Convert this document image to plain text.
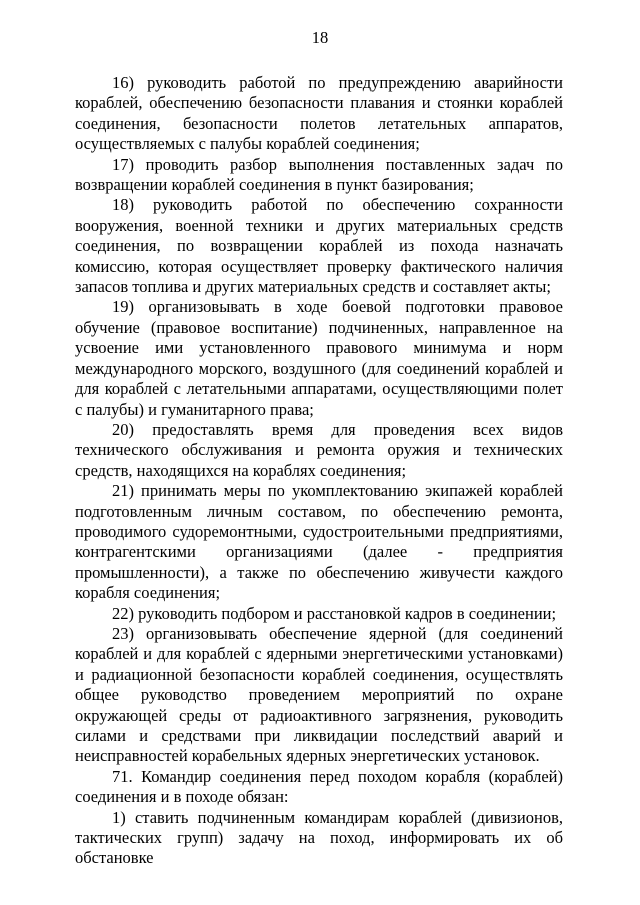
18

16) руководить работой по предупреждению аварийности кораблей, обеспечению безопасности плавания и стоянки кораблей соединения, безопасности полетов летательных аппаратов, осуществляемых с палубы кораблей соединения;

17) проводить разбор выполнения поставленных задач по возвращении кораблей соединения в пункт базирования;

18) руководить работой по обеспечению сохранности вооружения, военной техники и других материальных средств соединения, по возвращении кораблей из похода назначать комиссию, которая осуществляет проверку фактического наличия запасов топлива и других материальных средств и составляет акты;

19) организовывать в ходе боевой подготовки правовое обучение (правовое воспитание) подчиненных, направленное на усвоение ими установленного правового минимума и норм международного морского, воздушного (для соединений кораблей и для кораблей с летательными аппаратами, осуществляющими полет с палубы) и гуманитарного права;

20) предоставлять время для проведения всех видов технического обслуживания и ремонта оружия и технических средств, находящихся на кораблях соединения;

21) принимать меры по укомплектованию экипажей кораблей подготовленным личным составом, по обеспечению ремонта, проводимого судоремонтными, судостроительными предприятиями, контрагентскими организациями (далее - предприятия промышленности), а также по обеспечению живучести каждого корабля соединения;

22) руководить подбором и расстановкой кадров в соединении;

23) организовывать обеспечение ядерной (для соединений кораблей и для кораблей с ядерными энергетическими установками) и радиационной безопасности кораблей соединения, осуществлять общее руководство проведением мероприятий по охране окружающей среды от радиоактивного загрязнения, руководить силами и средствами при ликвидации последствий аварий и неисправностей корабельных ядерных энергетических установок.

71. Командир соединения перед походом корабля (кораблей) соединения и в походе обязан:

1) ставить подчиненным командирам кораблей (дивизионов, тактических групп) задачу на поход, информировать их об обстановке
